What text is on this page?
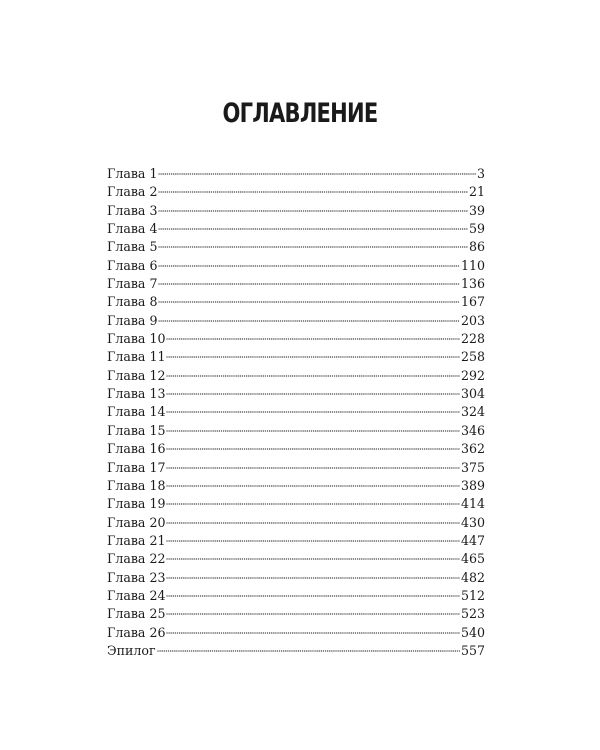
ОГЛАВЛЕНИЕ
Глава 1	3
Глава 2	21
Глава 3	39
Глава 4	59
Глава 5	86
Глава 6	110
Глава 7	136
Глава 8	167
Глава 9	203
Глава 10	228
Глава 11	258
Глава 12	292
Глава 13	304
Глава 14	324
Глава 15	346
Глава 16	362
Глава 17	375
Глава 18	389
Глава 19	414
Глава 20	430
Глава 21	447
Глава 22	465
Глава 23	482
Глава 24	512
Глава 25	523
Глава 26	540
Эпилог	557
